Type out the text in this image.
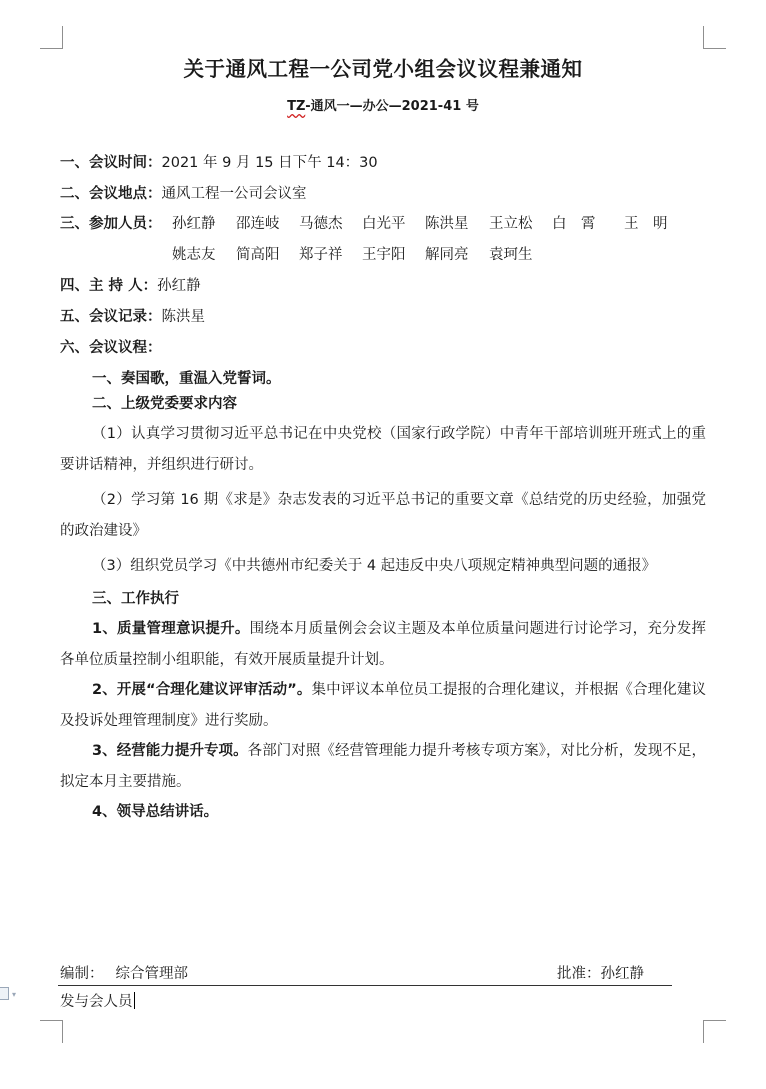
关于通风工程一公司党小组会议议程兼通知
TZ-通风一—办公—2021-41 号
一、会议时间：2021 年 9 月 15 日下午 14：30
二、会议地点：通风工程一公司会议室
三、参加人员： 孙红静 邵连岐 马德杰 白光平 陈洪星 王立松 白　霄 王　明
姚志友 简高阳 郑子祥 王宇阳 解同亮 袁珂生
四、主 持 人：孙红静
五、会议记录：陈洪星
六、会议议程：
一、奏国歌，重温入党誓词。
二、上级党委要求内容
（1）认真学习贯彻习近平总书记在中央党校（国家行政学院）中青年干部培训班开班式上的重要讲话精神，并组织进行研讨。
（2）学习第 16 期《求是》杂志发表的习近平总书记的重要文章《总结党的历史经验，加强党的政治建设》
（3）组织党员学习《中共德州市纪委关于 4 起违反中央八项规定精神典型问题的通报》
三、工作执行
1、质量管理意识提升。围绕本月质量例会会议主题及本单位质量问题进行讨论学习，充分发挥各单位质量控制小组职能，有效开展质量提升计划。
2、开展“合理化建议评审活动”。集中评议本单位员工提报的合理化建议，并根据《合理化建议及投诉处理管理制度》进行奖励。
3、经营能力提升专项。各部门对照《经营管理能力提升考核专项方案》，对比分析，发现不足，拟定本月主要措施。
4、领导总结讲话。
编制： 综合管理部	批准：孙红静
发与会人员
▾
